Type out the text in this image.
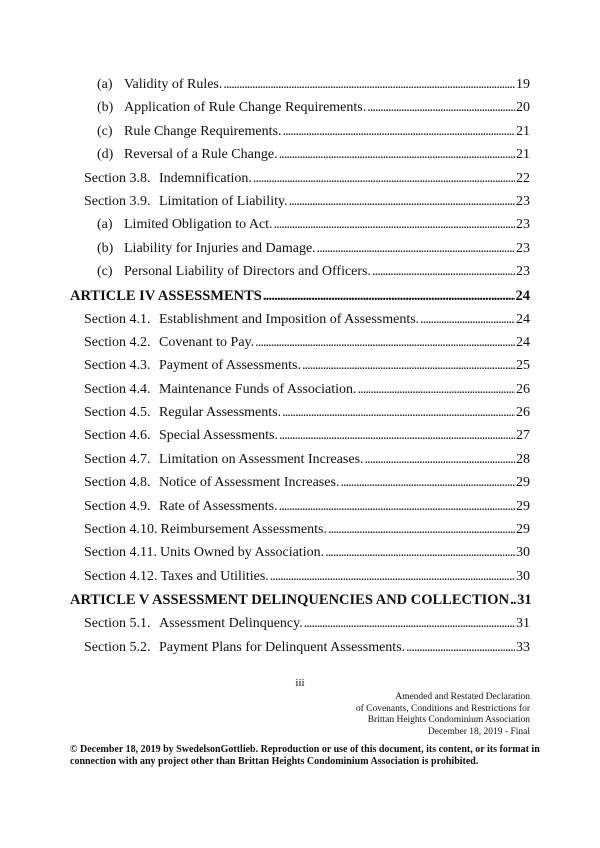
(a) Validity of Rules. . . .	19
(b) Application of Rule Change Requirements. . . .	20
(c) Rule Change Requirements. . . .	21
(d) Reversal of a Rule Change. . . .	21
Section 3.8. Indemnification. . . .	22
Section 3.9. Limitation of Liability. . . .	23
(a) Limited Obligation to Act. . . .	23
(b) Liability for Injuries and Damage. . . .	23
(c) Personal Liability of Directors and Officers. . . .	23
ARTICLE IV ASSESSMENTS . . .	24
Section 4.1. Establishment and Imposition of Assessments. . . .	24
Section 4.2. Covenant to Pay. . . .	24
Section 4.3. Payment of Assessments. . . .	25
Section 4.4. Maintenance Funds of Association. . . .	26
Section 4.5. Regular Assessments. . . .	26
Section 4.6. Special Assessments. . . .	27
Section 4.7. Limitation on Assessment Increases. . . .	28
Section 4.8. Notice of Assessment Increases. . . .	29
Section 4.9. Rate of Assessments. . . .	29
Section 4.10. Reimbursement Assessments. . . .	29
Section 4.11. Units Owned by Association. . . .	30
Section 4.12. Taxes and Utilities. . . .	30
ARTICLE V ASSESSMENT DELINQUENCIES AND COLLECTION . . . 31
Section 5.1. Assessment Delinquency. . . .	31
Section 5.2. Payment Plans for Delinquent Assessments. . . .	33
iii
Amended and Restated Declaration
of Covenants, Conditions and Restrictions for
Brittan Heights Condominium Association
December 18, 2019 - Final
© December 18, 2019 by SwedelsonGottlieb. Reproduction or use of this document, its content, or its format in connection with any project other than Brittan Heights Condominium Association is prohibited.
